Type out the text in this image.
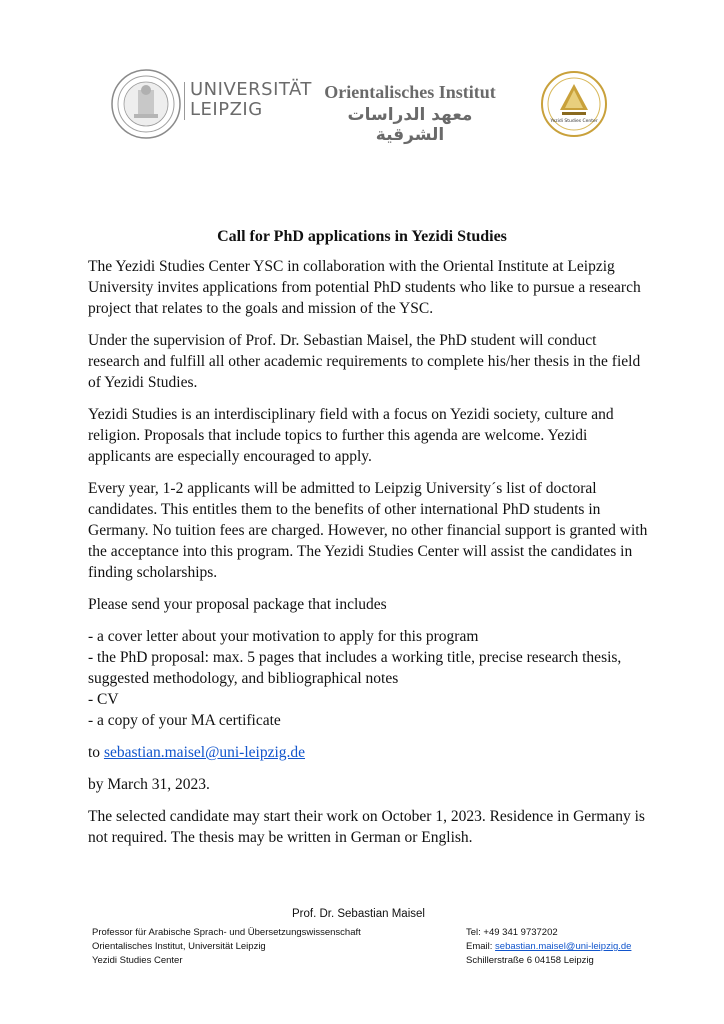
UNIVERSITÄT
LEIPZIG
Orientalisches Institut
معهد الدراسات الشرقية
Yezidi Studies Center
Call for PhD applications in Yezidi Studies

The Yezidi Studies Center YSC in collaboration with the Oriental Institute at Leipzig University invites applications from potential PhD students who like to pursue a research project that relates to the goals and mission of the YSC.

Under the supervision of Prof. Dr. Sebastian Maisel, the PhD student will conduct research and fulfill all other academic requirements to complete his/her thesis in the field of Yezidi Studies.

Yezidi Studies is an interdisciplinary field with a focus on Yezidi society, culture and religion. Proposals that include topics to further this agenda are welcome. Yezidi applicants are especially encouraged to apply.

Every year, 1-2 applicants will be admitted to Leipzig University´s list of doctoral candidates. This entitles them to the benefits of other international PhD students in Germany. No tuition fees are charged. However, no other financial support is granted with the acceptance into this program. The Yezidi Studies Center will assist the candidates in finding scholarships.

Please send your proposal package that includes

- a cover letter about your motivation to apply for this program
- the PhD proposal: max. 5 pages that includes a working title, precise research thesis, suggested methodology, and bibliographical notes
- CV
- a copy of your MA certificate

to sebastian.maisel@uni-leipzig.de

by March 31, 2023.

The selected candidate may start their work on October 1, 2023. Residence in Germany is not required. The thesis may be written in German or English.

Prof. Dr. Sebastian Maisel
Professor für Arabische Sprach- und Übersetzungswissenschaft
Orientalisches Institut, Universität Leipzig
Yezidi Studies Center
Tel: +49 341 9737202
Email: sebastian.maisel@uni-leipzig.de
Schillerstraße 6 04158 Leipzig
